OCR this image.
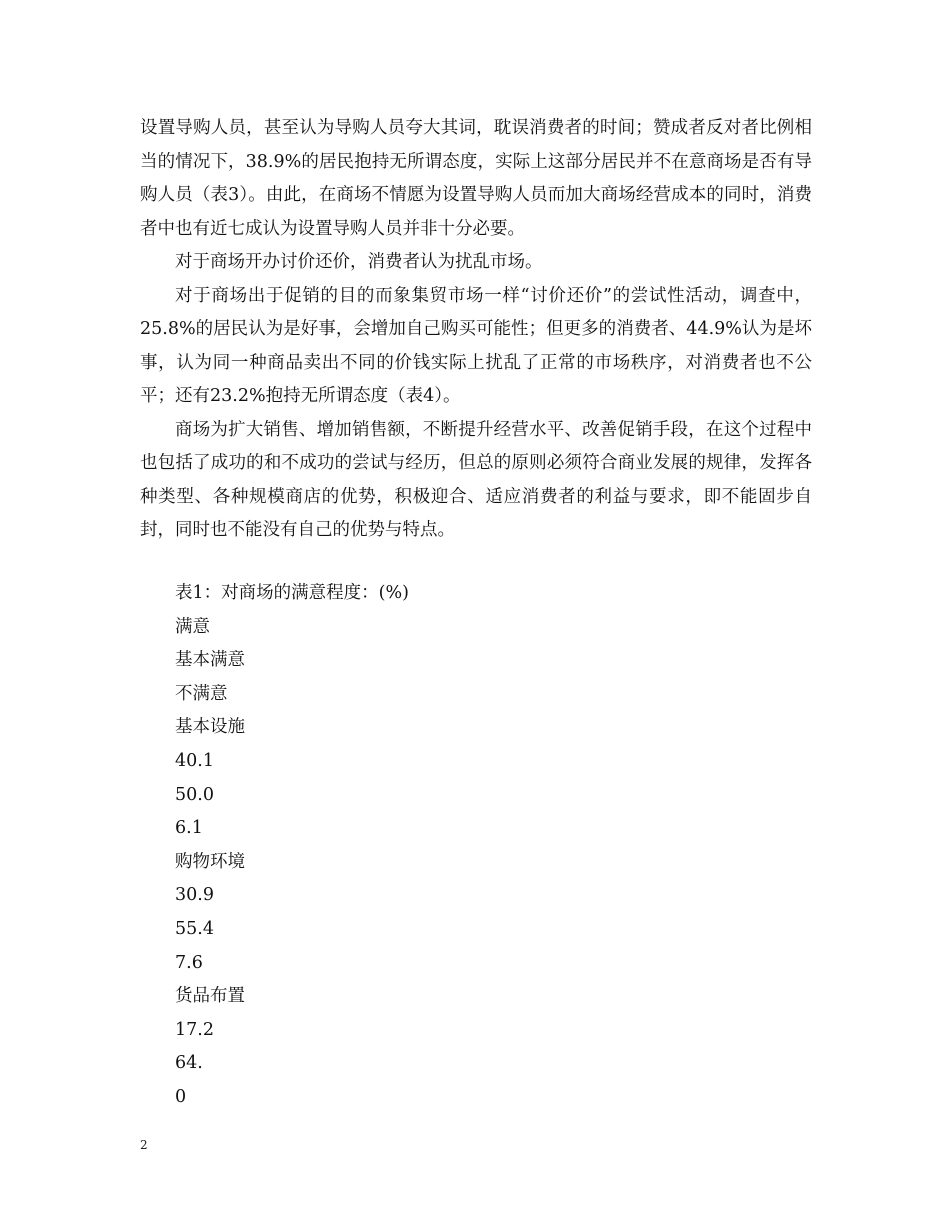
设置导购人员，甚至认为导购人员夸大其词，耽误消费者的时间；赞成者反对者比例相当的情况下，38.9%的居民抱持无所谓态度，实际上这部分居民并不在意商场是否有导购人员（表3）。由此，在商场不情愿为设置导购人员而加大商场经营成本的同时，消费者中也有近七成认为设置导购人员并非十分必要。

对于商场开办讨价还价，消费者认为扰乱市场。

对于商场出于促销的目的而象集贸市场一样“讨价还价”的尝试性活动，调查中，25.8%的居民认为是好事，会增加自己购买可能性；但更多的消费者、44.9%认为是坏事，认为同一种商品卖出不同的价钱实际上扰乱了正常的市场秩序，对消费者也不公平；还有23.2%抱持无所谓态度（表4）。

商场为扩大销售、增加销售额，不断提升经营水平、改善促销手段，在这个过程中也包括了成功的和不成功的尝试与经历，但总的原则必须符合商业发展的规律，发挥各种类型、各种规模商店的优势，积极迎合、适应消费者的利益与要求，即不能固步自封，同时也不能没有自己的优势与特点。

表1：对商场的满意程度：(%)
满意
基本满意
不满意
基本设施
40.1
50.0
6.1
购物环境
30.9
55.4
7.6
货品布置
17.2
64.
0
2
